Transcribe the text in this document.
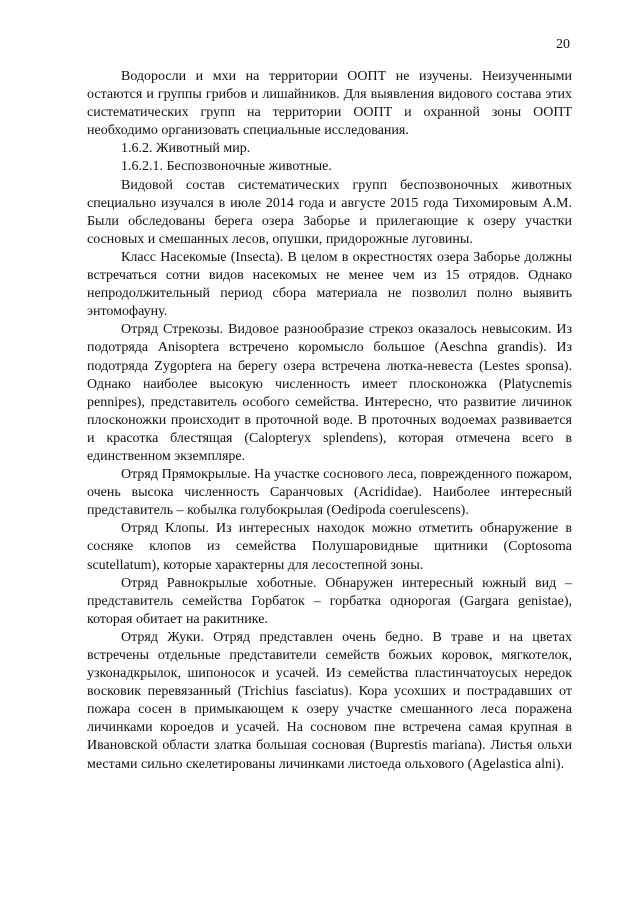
20

Водоросли и мхи на территории ООПТ не изучены. Неизученными остаются и группы грибов и лишайников. Для выявления видового состава этих систематических групп на территории ООПТ и охранной зоны ООПТ необходимо организовать специальные исследования.

1.6.2. Животный мир.

1.6.2.1. Беспозвоночные животные.

Видовой состав систематических групп беспозвоночных животных специально изучался в июле 2014 года и августе 2015 года Тихомировым А.М. Были обследованы берега озера Заборье и прилегающие к озеру участки сосновых и смешанных лесов, опушки, придорожные луговины.

Класс Насекомые (Insecta). В целом в окрестностях озера Заборье должны встречаться сотни видов насекомых не менее чем из 15 отрядов. Однако непродолжительный период сбора материала не позволил полно выявить энтомофауну.

Отряд Стрекозы. Видовое разнообразие стрекоз оказалось невысоким. Из подотряда Anisoptera встречено коромысло большое (Aeschna grandis). Из подотряда Zygoptera на берегу озера встречена лютка-невеста (Lestes sponsa). Однако наиболее высокую численность имеет плосконожка (Platycnemis pennipes), представитель особого семейства. Интересно, что развитие личинок плосконожки происходит в проточной воде. В проточных водоемах развивается и красотка блестящая (Calopteryx splendens), которая отмечена всего в единственном экземпляре.

Отряд Прямокрылые. На участке соснового леса, поврежденного пожаром, очень высока численность Саранчовых (Acrididae). Наиболее интересный представитель – кобылка голубокрылая (Oedipoda coerulescens).

Отряд Клопы. Из интересных находок можно отметить обнаружение в сосняке клопов из семейства Полушаровидные щитники (Coptosoma scutellatum), которые характерны для лесостепной зоны.

Отряд Равнокрылые хоботные. Обнаружен интересный южный вид – представитель семейства Горбаток – горбатка однорогая (Gargara genistae), которая обитает на ракитнике.

Отряд Жуки. Отряд представлен очень бедно. В траве и на цветах встречены отдельные представители семейств божьих коровок, мягкотелок, узконадкрылок, шипоносок и усачей. Из семейства пластинчатоусых нередок восковик перевязанный (Trichius fasciatus). Кора усохших и пострадавших от пожара сосен в примыкающем к озеру участке смешанного леса поражена личинками короедов и усачей. На сосновом пне встречена самая крупная в Ивановской области златка большая сосновая (Buprestis mariana). Листья ольхи местами сильно скелетированы личинками листоеда ольхового (Agelastica alni).
